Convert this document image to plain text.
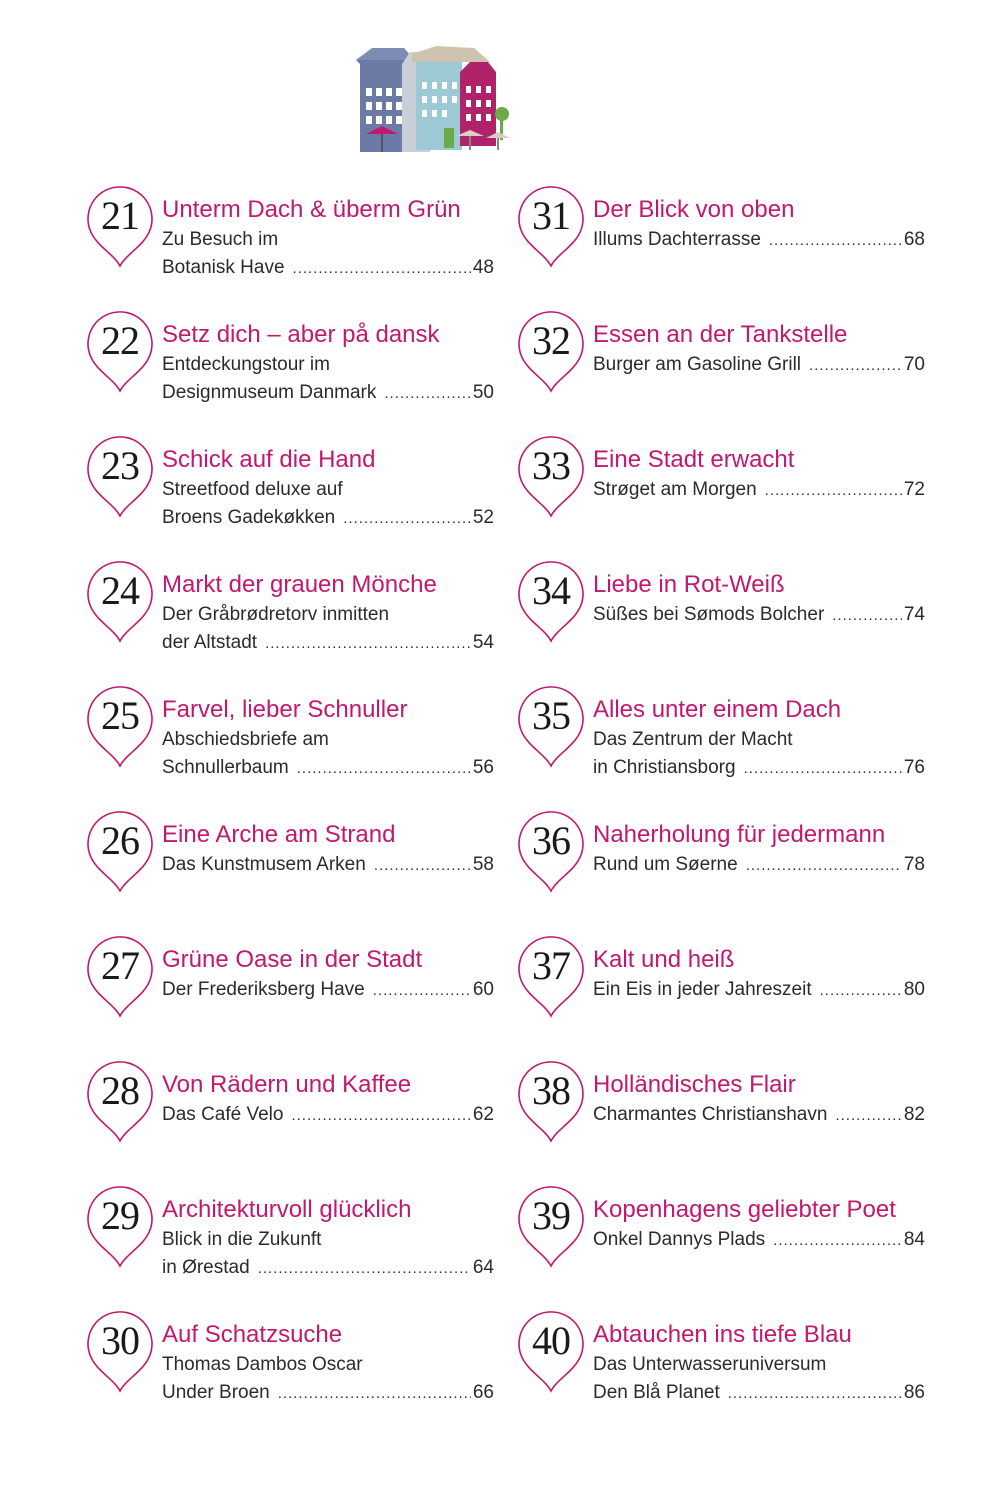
21 Unterm Dach & überm Grün
Zu Besuch im
Botanisk Have .....	48
22 Setz dich – aber på dansk
Entdeckungstour im
Designmuseum Danmark .....	50
23 Schick auf die Hand
Streetfood deluxe auf
Broens Gadekøkken .....	52
24 Markt der grauen Mönche
Der Gråbrødretorv inmitten
der Altstadt .....	54
25 Farvel, lieber Schnuller
Abschiedsbriefe am
Schnullerbaum .....	56
26 Eine Arche am Strand
Das Kunstmusem Arken .....	58
27 Grüne Oase in der Stadt
Der Frederiksberg Have .....	60
28 Von Rädern und Kaffee
Das Café Velo .....	62
29 Architekturvoll glücklich
Blick in die Zukunft
in Ørestad .....	64
30 Auf Schatzsuche
Thomas Dambos Oscar
Under Broen .....	66
31 Der Blick von oben
Illums Dachterrasse .....	68
32 Essen an der Tankstelle
Burger am Gasoline Grill .....	70
33 Eine Stadt erwacht
Strøget am Morgen .....	72
34 Liebe in Rot-Weiß
Süßes bei Sømods Bolcher .....	74
35 Alles unter einem Dach
Das Zentrum der Macht
in Christiansborg .....	76
36 Naherholung für jedermann
Rund um Søerne .....	78
37 Kalt und heiß
Ein Eis in jeder Jahreszeit .....	80
38 Holländisches Flair
Charmantes Christianshavn .....	82
39 Kopenhagens geliebter Poet
Onkel Dannys Plads .....	84
40 Abtauchen ins tiefe Blau
Das Unterwasseruniversum
Den Blå Planet .....	86
